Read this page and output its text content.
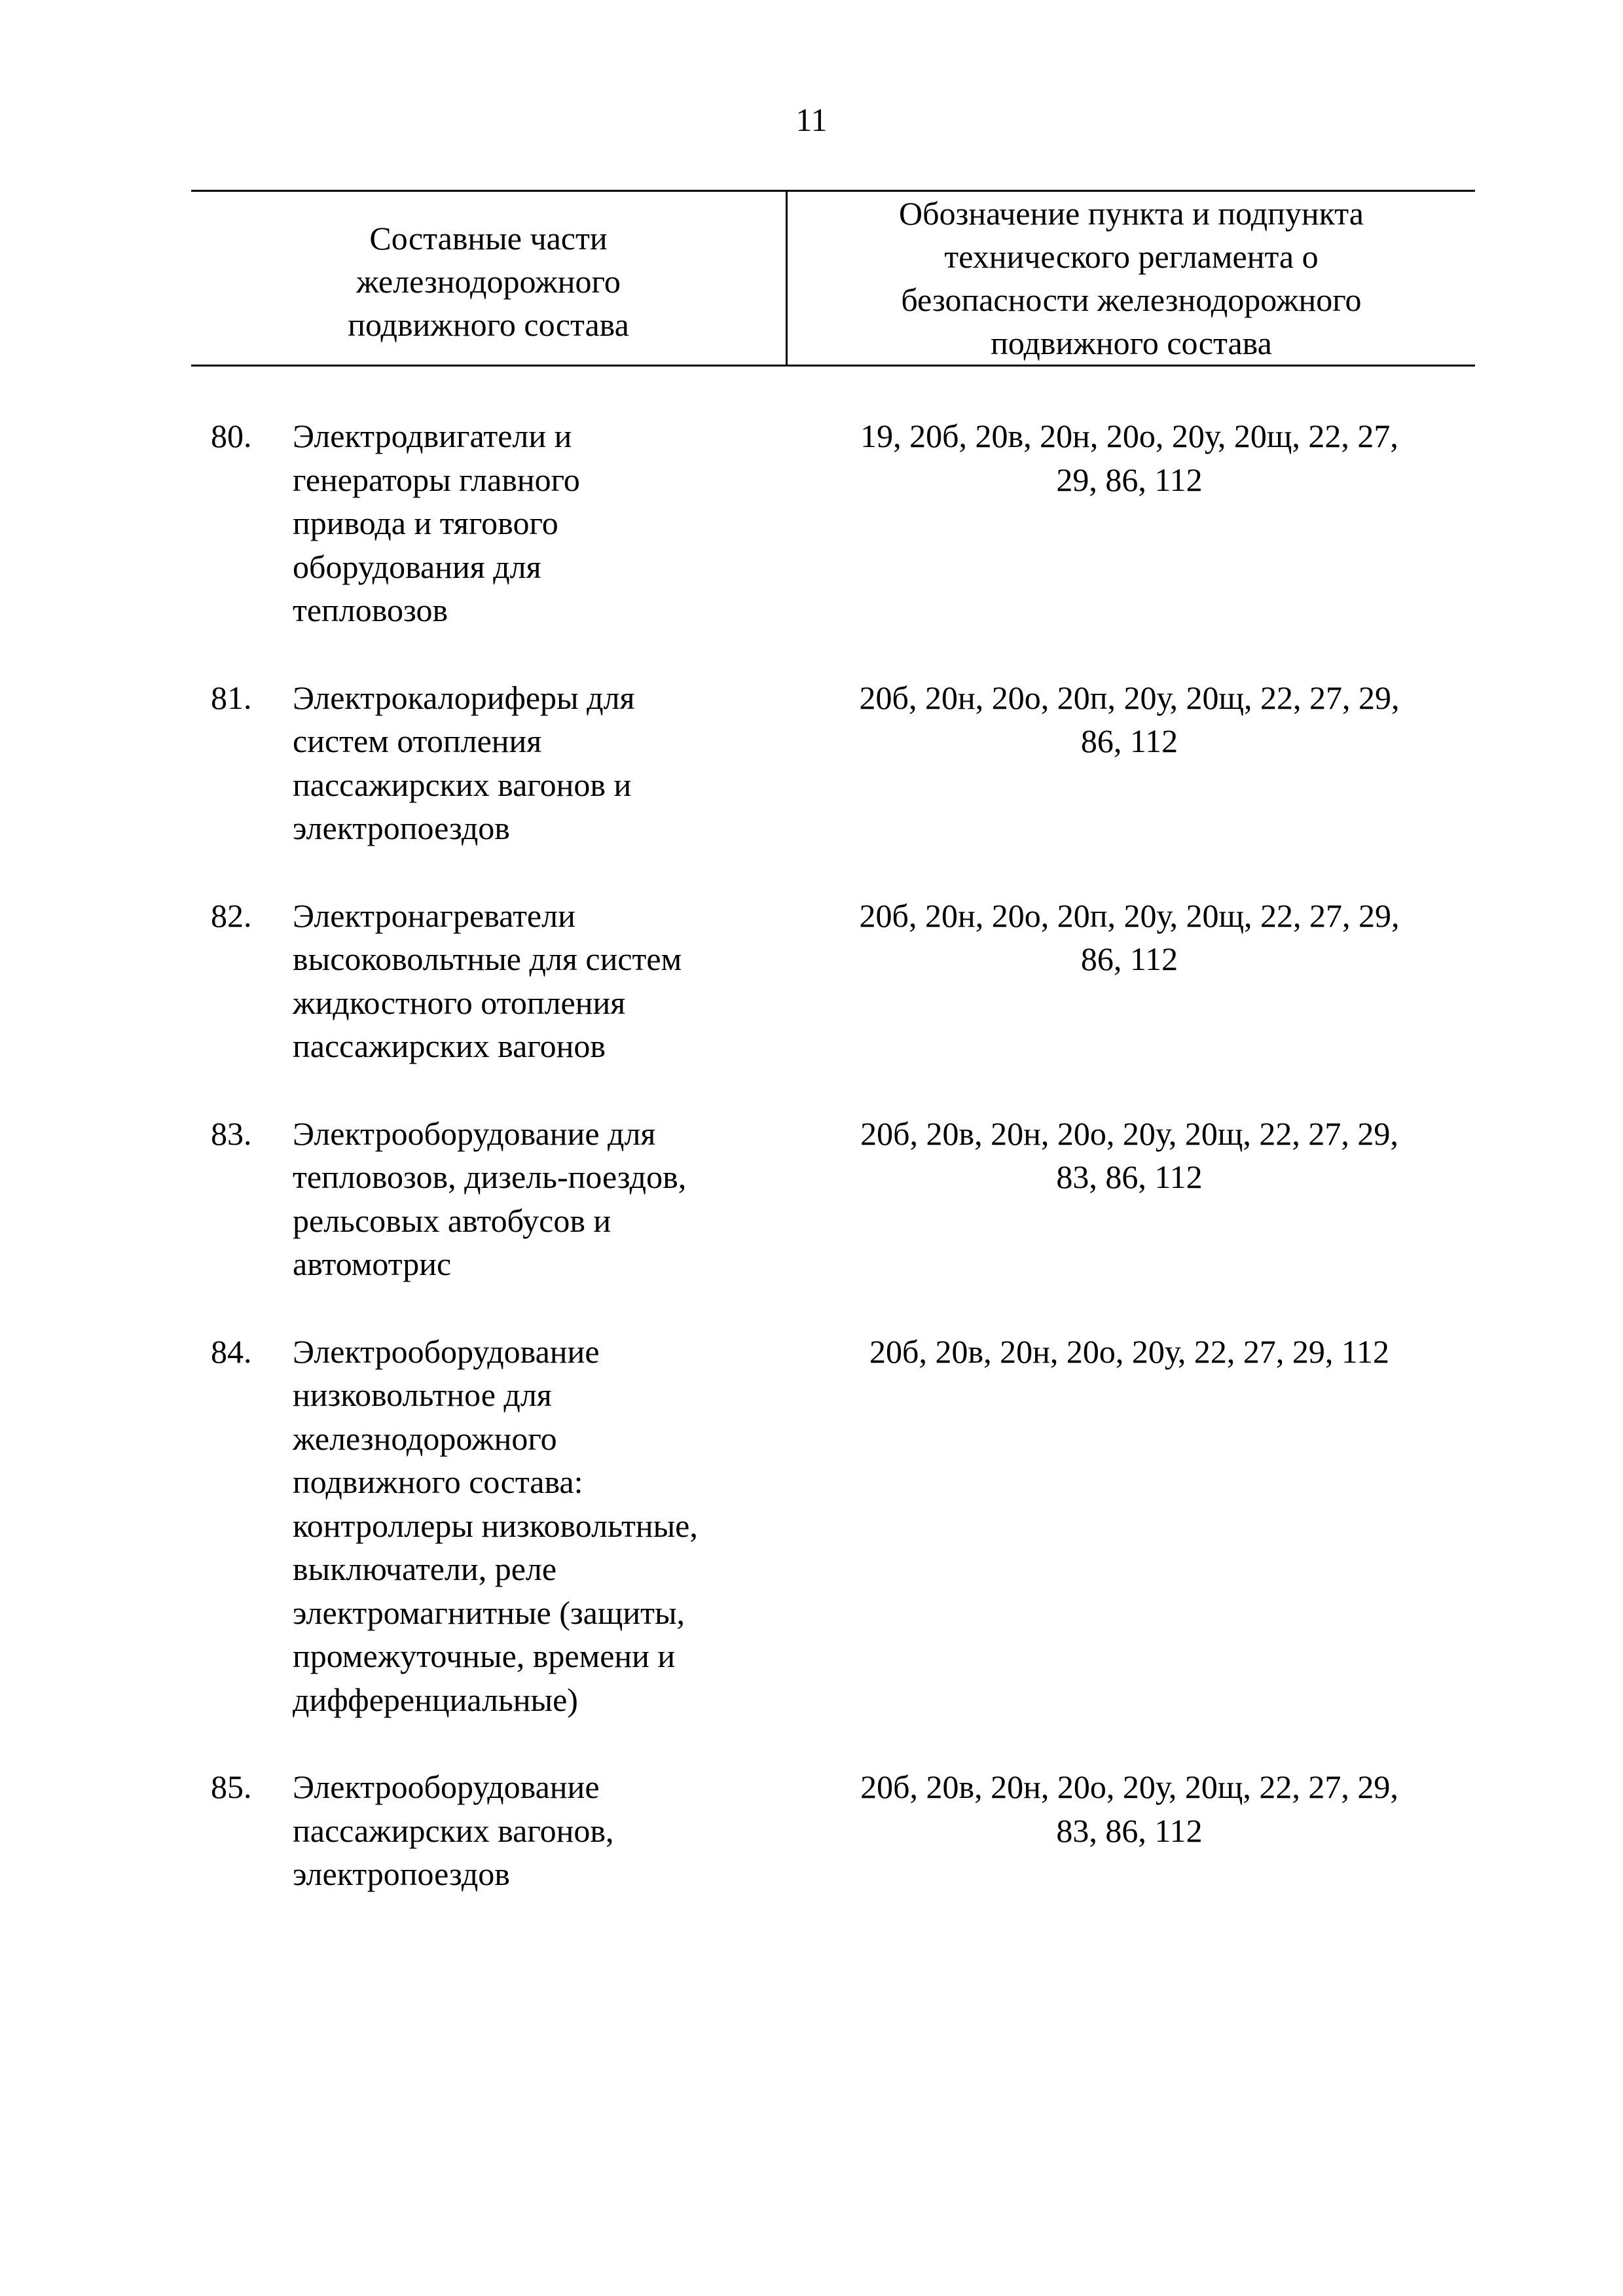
11
Составные части
железнодорожного
подвижного состава
Обозначение пункта и подпункта
технического регламента о
безопасности железнодорожного
подвижного состава
80. Электродвигатели и
генераторы главного
привода и тягового
оборудования для
тепловозов
19, 20б, 20в, 20н, 20о, 20у, 20щ, 22, 27,
29, 86, 112
81. Электрокалориферы для
систем отопления
пассажирских вагонов и
электропоездов
20б, 20н, 20о, 20п, 20у, 20щ, 22, 27, 29,
86, 112
82. Электронагреватели
высоковольтные для систем
жидкостного отопления
пассажирских вагонов
20б, 20н, 20о, 20п, 20у, 20щ, 22, 27, 29,
86, 112
83. Электрооборудование для
тепловозов, дизель-поездов,
рельсовых автобусов и
автомотрис
20б, 20в, 20н, 20о, 20у, 20щ, 22, 27, 29,
83, 86, 112
84. Электрооборудование
низковольтное для
железнодорожного
подвижного состава:
контроллеры низковольтные,
выключатели, реле
электромагнитные (защиты,
промежуточные, времени и
дифференциальные)
20б, 20в, 20н, 20о, 20у, 22, 27, 29, 112
85. Электрооборудование
пассажирских вагонов,
электропоездов
20б, 20в, 20н, 20о, 20у, 20щ, 22, 27, 29,
83, 86, 112
